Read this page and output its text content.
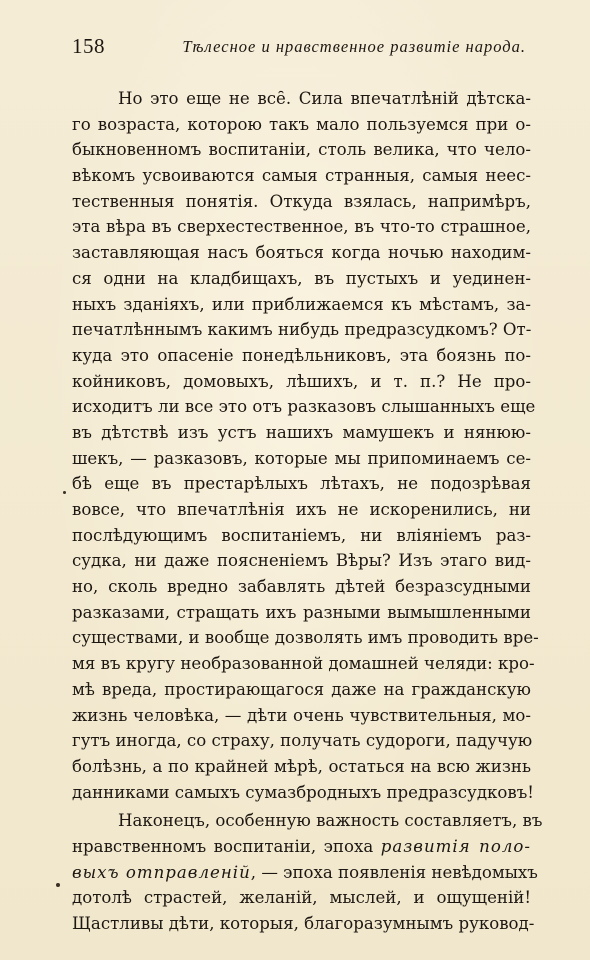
158	Тѣлесное и нравственное развитіе народа.
Но это еще не все̑. Сила впечатлѣній дѣтска-
го возраста, которою такъ мало пользуемся при о-
быкновенномъ воспитаніи, столь велика, что чело-
вѣкомъ усвоиваются самыя странныя, самыя неес-
тественныя понятія. Откуда взялась, напримѣръ,
эта вѣра въ сверхестественное, въ что-то страшное,
заставляющая насъ бояться когда ночью находим-
ся одни на кладбищахъ, въ пустыхъ и уединен-
ныхъ зданіяхъ, или приближаемся къ мѣстамъ, за-
печатлѣннымъ какимъ нибудь предразсудкомъ? От-
куда это опасеніе понедѣльниковъ, эта боязнь по-
койниковъ, домовыхъ, лѣшихъ, и т. п.? Не про-
исходитъ ли все это отъ разказовъ слышанныхъ еще
въ дѣтствѣ изъ устъ нашихъ мамушекъ и нянюю-
шекъ, — разказовъ, которые мы припоминаемъ се-
бѣ еще въ престарѣлыхъ лѣтахъ, не подозрѣвая
вовсе, что впечатлѣнія ихъ не искоренились, ни
послѣдующимъ воспитаніемъ, ни вліяніемъ раз-
судка, ни даже поясненіемъ Вѣры? Изъ этаго вид-
но, сколь вредно забавлять дѣтей безразсудными
разказами, стращать ихъ разными вымышленными
существами, и вообще дозволять имъ проводить вре-
мя въ кругу необразованной домашней челяди: кро-
мѣ вреда, простирающагося даже на гражданскую
жизнь человѣка, — дѣти очень чувствительныя, мо-
гутъ иногда, со страху, получать судороги, падучую
болѣзнь, а по крайней мѣрѣ, остаться на всю жизнь
данниками самыхъ сумазбродныхъ предразсудковъ!
Наконецъ, особенную важность составляетъ, въ
нравственномъ воспитаніи, эпоха развитія поло-
выхъ отправленій, — эпоха появленія невѣдомыхъ
дотолѣ страстей, желаній, мыслей, и ощущеній!
Щастливы дѣти, которыя, благоразумнымъ руковод-
